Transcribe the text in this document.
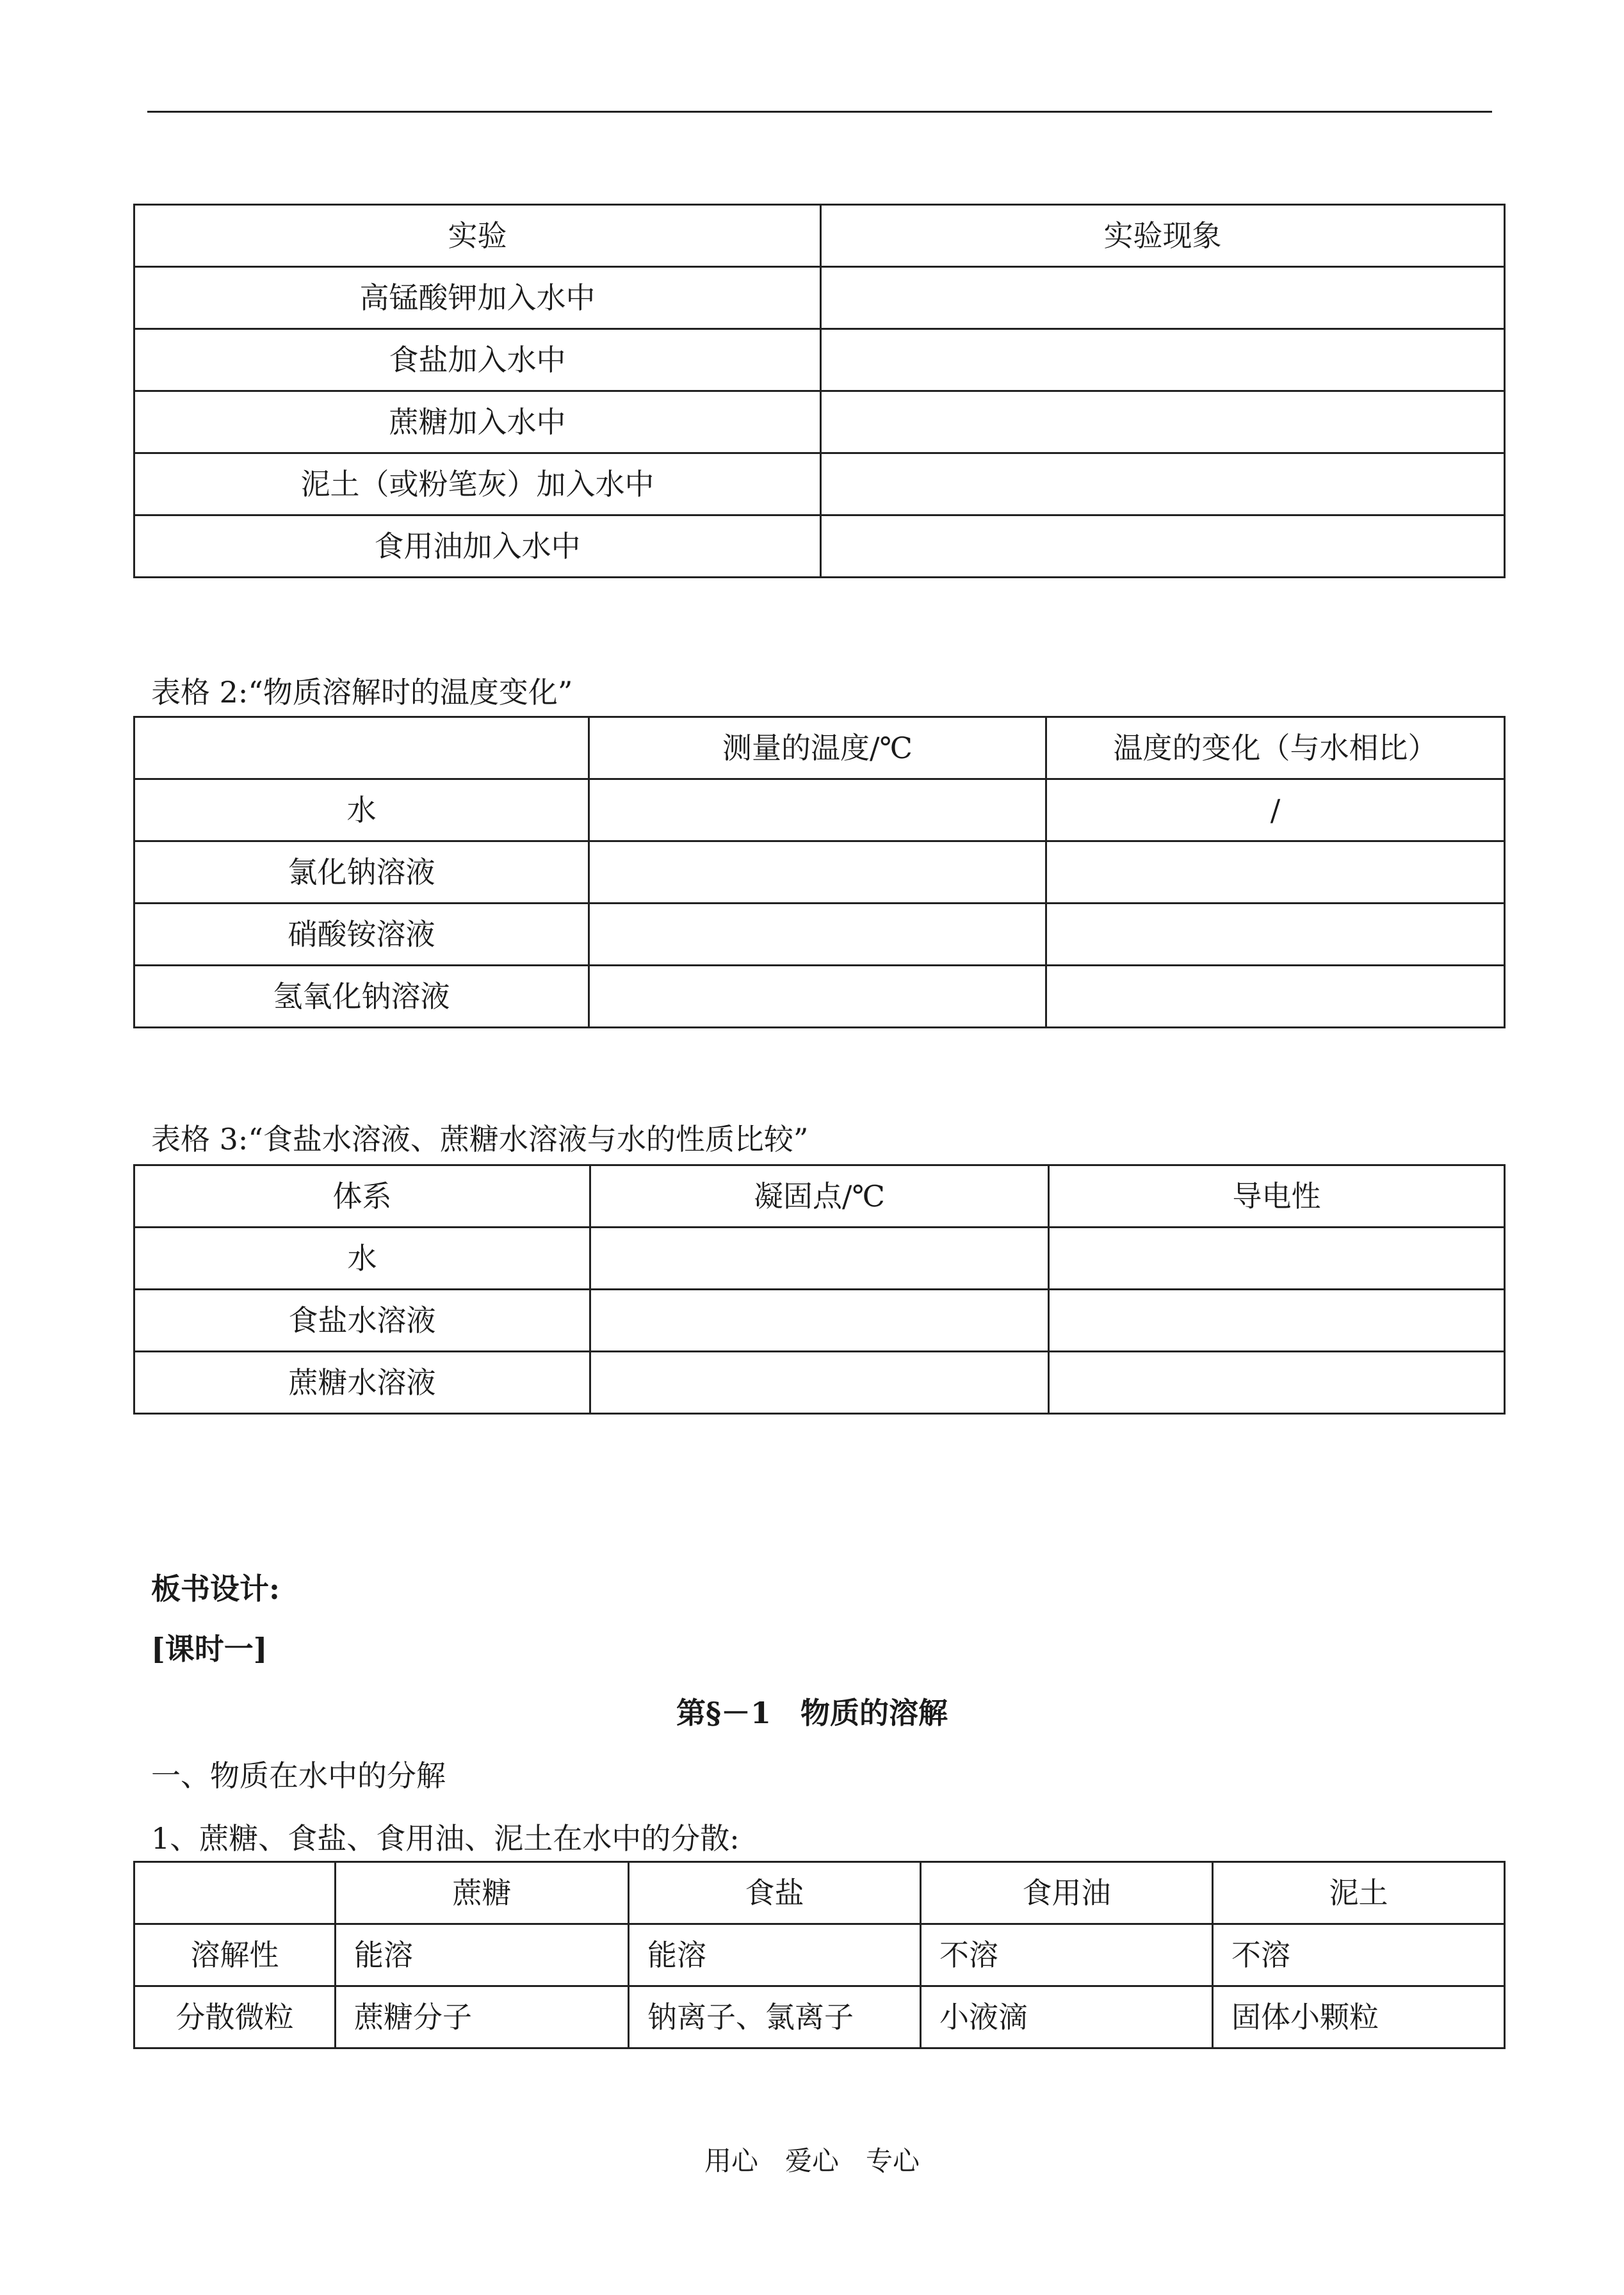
实验	实验现象
高锰酸钾加入水中	
食盐加入水中	
蔗糖加入水中	
泥土（或粉笔灰）加入水中	
食用油加入水中	
表格 2:“物质溶解时的温度变化”
	测量的温度/℃	温度的变化（与水相比）
水		/
氯化钠溶液		
硝酸铵溶液		
氢氧化钠溶液		
表格 3:“食盐水溶液、蔗糖水溶液与水的性质比较”
体系	凝固点/℃	导电性
水		
食盐水溶液		
蔗糖水溶液		
板书设计:
[课时一]
第§－1　物质的溶解
一、物质在水中的分解
1、蔗糖、食盐、食用油、泥土在水中的分散:
	蔗糖	食盐	食用油	泥土
溶解性	能溶	能溶	不溶	不溶
分散微粒	蔗糖分子	钠离子、氯离子	小液滴	固体小颗粒
用心　爱心　专心
